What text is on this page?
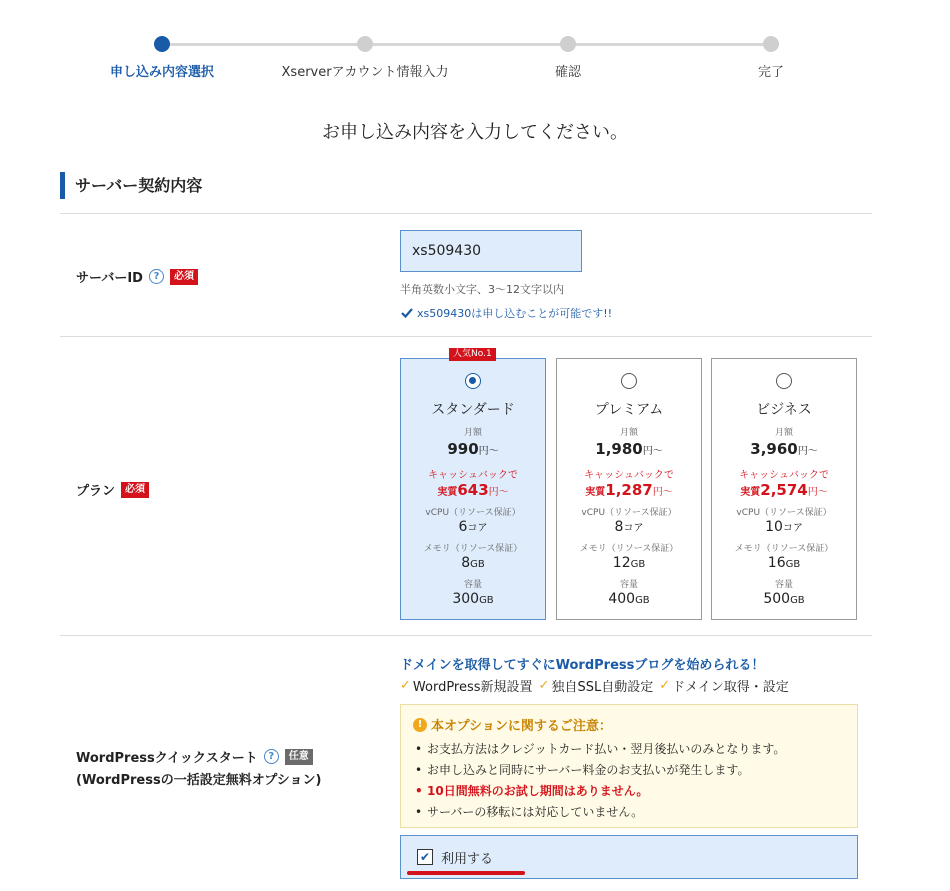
申し込み内容選択	Xserverアカウント情報入力	確認	完了
お申し込み内容を入力してください。
サーバー契約内容
サーバーID	?	必須
xs509430
半角英数小文字、3〜12文字以内
xs509430は申し込むことが可能です!!
プラン	必須
人気No.1
スタンダード
月額
990円〜
キャッシュバックで
実質643円〜
vCPU（リソース保証）
6コア
メモリ（リソース保証）
8GB
容量
300GB
プレミアム
月額
1,980円〜
キャッシュバックで
実質1,287円〜
vCPU（リソース保証）
8コア
メモリ（リソース保証）
12GB
容量
400GB
ビジネス
月額
3,960円〜
キャッシュバックで
実質2,574円〜
vCPU（リソース保証）
10コア
メモリ（リソース保証）
16GB
容量
500GB
WordPressクイックスタート	?	任意
(WordPressの一括設定無料オプション)
ドメインを取得してすぐにWordPressブログを始められる！
✓ WordPress新規設置 ✓ 独自SSL自動設定 ✓ ドメイン取得・設定
! 本オプションに関するご注意：
• お支払方法はクレジットカード払い・翌月後払いのみとなります。
• お申し込みと同時にサーバー料金のお支払いが発生します。
• 10日間無料のお試し期間はありません。
• サーバーの移転には対応していません。
✔ 利用する
